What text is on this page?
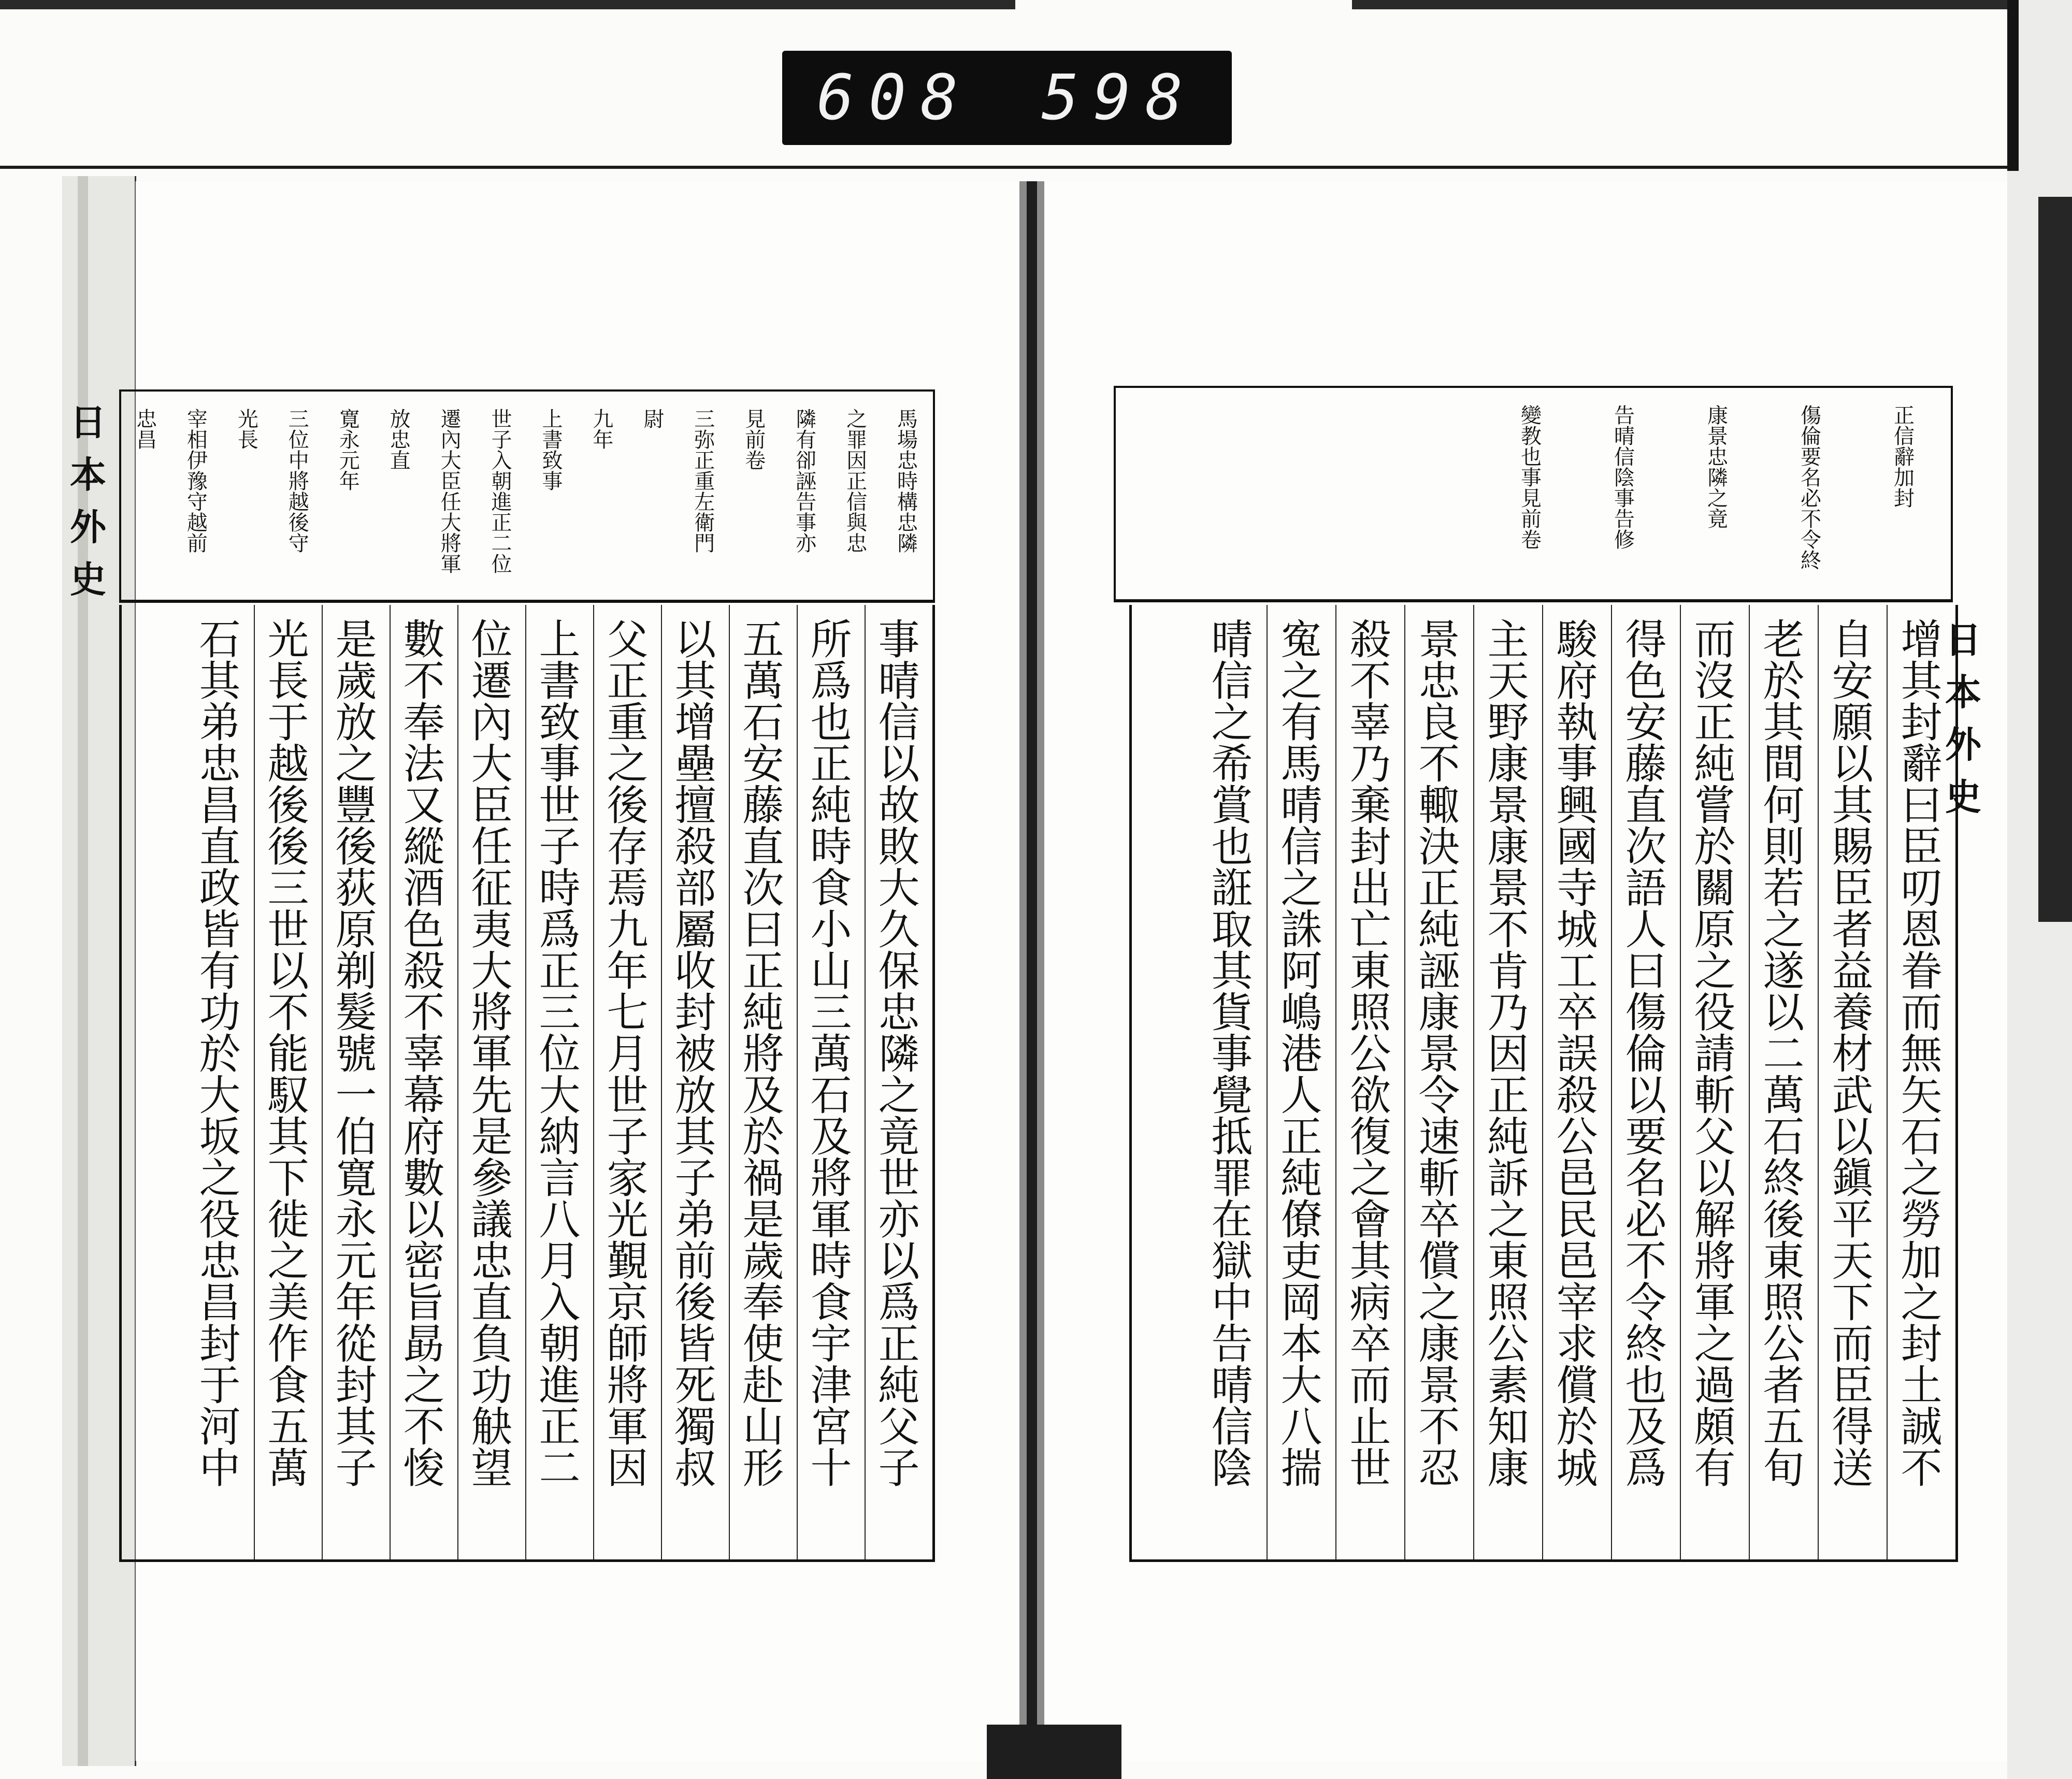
608 598
日
本
外
史
日
本
外
史
馬
場
忠
時
構
忠
隣
之
罪
因
正
信
與
忠
隣
有
卻
誣
告
事
亦
見
前
卷
三
弥
正
重
左
衛
門
尉
九
年
上
書
致
事
世
子
入
朝
進
正
二
位
遷
內
大
臣
任
大
將
軍
放
忠
直
寛
永
元
年
三
位
中
將
越
後
守
光
長
宰
相
伊
豫
守
越
前
忠
昌
事
晴
信
以
故
敗
大
久
保
忠
隣
之
竟
世
亦
以
爲
正
純
父
子
所
爲
也
正
純
時
食
小
山
三
萬
石
及
將
軍
時
食
宇
津
宮
十
五
萬
石
安
藤
直
次
曰
正
純
將
及
於
禍
是
歲
奉
使
赴
山
形
以
其
增
壘
擅
殺
部
屬
收
封
被
放
其
子
弟
前
後
皆
死
獨
叔
父
正
重
之
後
存
焉
九
年
七
月
世
子
家
光
覲
京
師
將
軍
因
上
書
致
事
世
子
時
爲
正
三
位
大
納
言
八
月
入
朝
進
正
二
位
遷
內
大
臣
任
征
夷
大
將
軍
先
是
參
議
忠
直
負
功
觖
望
數
不
奉
法
又
縱
酒
色
殺
不
辜
幕
府
數
以
密
旨
勗
之
不
悛
是
歲
放
之
豐
後
荻
原
剃
髮
號
一
伯
寛
永
元
年
從
封
其
子
光
長
于
越
後
後
三
世
以
不
能
馭
其
下
徙
之
美
作
食
五
萬
石
其
弟
忠
昌
直
政
皆
有
功
於
大
坂
之
役
忠
昌
封
于
河
中
正
信
辭
加
封
傷
倫
要
名
必
不
令
終
康
景
忠
隣
之
竟
告
晴
信
陰
事
告
修
變
教
也
事
見
前
卷
增
其
封
辭
曰
臣
叨
恩
眷
而
無
矢
石
之
勞
加
之
封
土
誠
不
自
安
願
以
其
賜
臣
者
益
養
材
武
以
鎭
平
天
下
而
臣
得
送
老
於
其
間
何
則
若
之
遂
以
二
萬
石
終
後
東
照
公
者
五
旬
而
沒
正
純
嘗
於
關
原
之
役
請
斬
父
以
解
將
軍
之
過
頗
有
得
色
安
藤
直
次
語
人
曰
傷
倫
以
要
名
必
不
令
終
也
及
爲
駿
府
執
事
興
國
寺
城
工
卒
誤
殺
公
邑
民
邑
宰
求
償
於
城
主
天
野
康
景
康
景
不
肯
乃
因
正
純
訴
之
東
照
公
素
知
康
景
忠
良
不
輙
決
正
純
誣
康
景
令
速
斬
卒
償
之
康
景
不
忍
殺
不
辜
乃
棄
封
出
亡
東
照
公
欲
復
之
會
其
病
卒
而
止
世
寃
之
有
馬
晴
信
之
誅
阿
嶋
港
人
正
純
僚
吏
岡
本
大
八
揣
晴
信
之
希
賞
也
誑
取
其
貨
事
覺
抵
罪
在
獄
中
告
晴
信
陰
